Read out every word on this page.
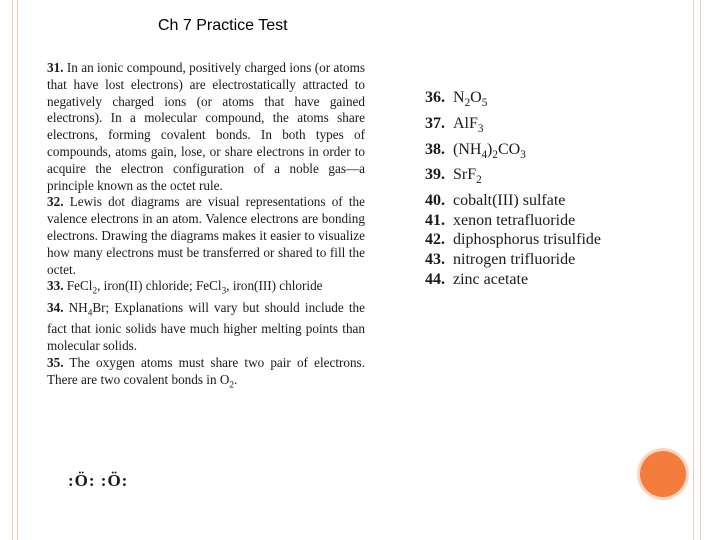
Ch 7 Practice Test

31. In an ionic compound, positively charged ions (or atoms that have lost electrons) are electrostatically attracted to negatively charged ions (or atoms that have gained electrons). In a molecular compound, the atoms share electrons, forming covalent bonds. In both types of compounds, atoms gain, lose, or share electrons in order to acquire the electron configuration of a noble gas—a principle known as the octet rule.

32. Lewis dot diagrams are visual representations of the valence electrons in an atom. Valence electrons are bonding electrons. Drawing the diagrams makes it easier to visualize how many electrons must be transferred or shared to fill the octet.

33. FeCl$_2$, iron(II) chloride; FeCl$_3$, iron(III) chloride

34. $NH_4Br$; Explanations will vary but should include the fact that ionic solids have much higher melting points than molecular solids.

35. The oxygen atoms must share two pair of electrons. There are two covalent bonds in $O_2$.

:Ö: :Ö:
36. $N_2O_5$
37. AlF$_3$
38. $(NH_4)_2CO_3$
39. SrF$_2$
40. cobalt(III) sulfate
41. xenon tetrafluoride
42. diphosphorus trisulfide
43. nitrogen trifluoride
44. zinc acetate
